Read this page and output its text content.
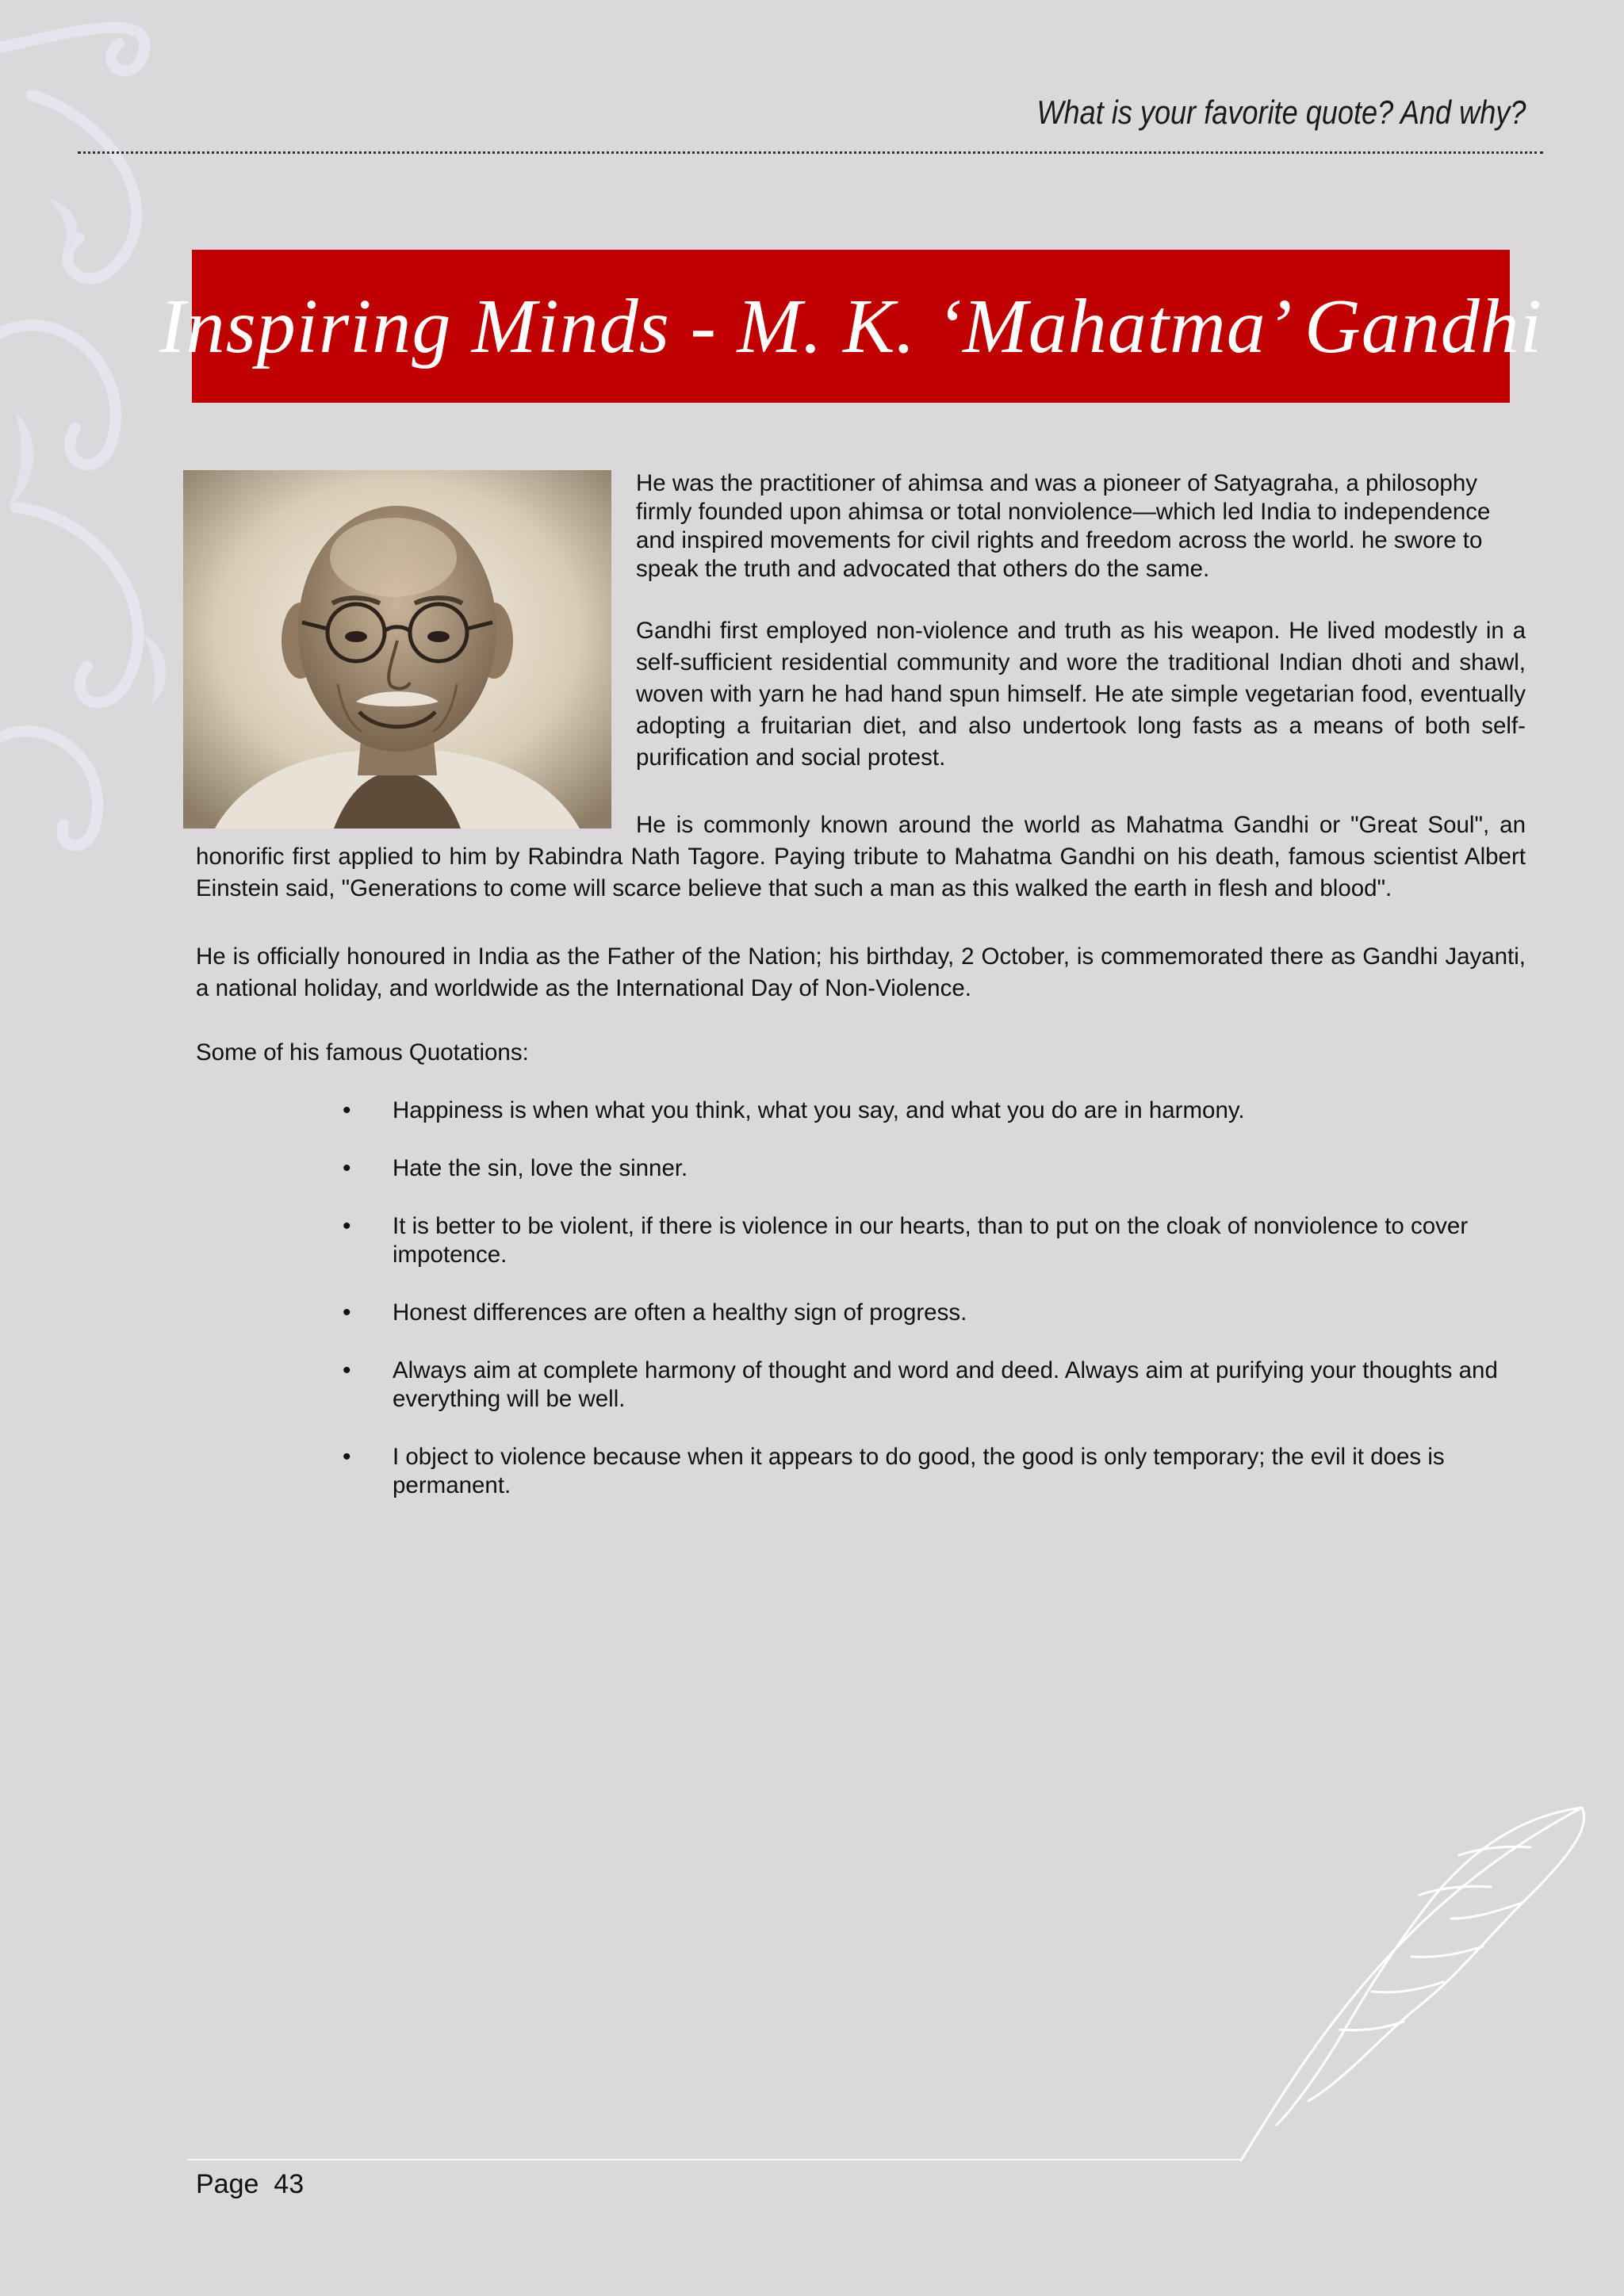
What is your favorite quote? And why?
Inspiring Minds - M. K. ‘Mahatma’ Gandhi
He was the practitioner of ahimsa and was a pioneer of Satyagraha, a philosophy firmly founded upon ahimsa or total nonviolence—which led India to independence and inspired movements for civil rights and freedom across the world. he swore to speak the truth and advocated that others do the same.
Gandhi first employed non-violence and truth as his weapon. He lived modestly in a self-sufficient residential community and wore the traditional Indian dhoti and shawl, woven with yarn he had hand spun himself. He ate simple vegetarian food, eventually adopting a fruitarian diet, and also undertook long fasts as a means of both self-purification and social protest.
He is commonly known around the world as Mahatma Gandhi or "Great Soul", an
honorific first applied to him by Rabindra Nath Tagore. Paying tribute to Mahatma Gandhi on his death, famous scientist Albert Einstein said, "Generations to come will scarce believe that such a man as this walked the earth in flesh and blood".
He is officially honoured in India as the Father of the Nation; his birthday, 2 October, is commemorated there as Gandhi Jayanti, a national holiday, and worldwide as the International Day of Non-Violence.
Some of his famous Quotations:
• Happiness is when what you think, what you say, and what you do are in harmony.
• Hate the sin, love the sinner.
• It is better to be violent, if there is violence in our hearts, than to put on the cloak of nonviolence to cover impotence.
• Honest differences are often a healthy sign of progress.
• Always aim at complete harmony of thought and word and deed. Always aim at purifying your thoughts and everything will be well.
• I object to violence because when it appears to do good, the good is only temporary; the evil it does is permanent.
Page  43
